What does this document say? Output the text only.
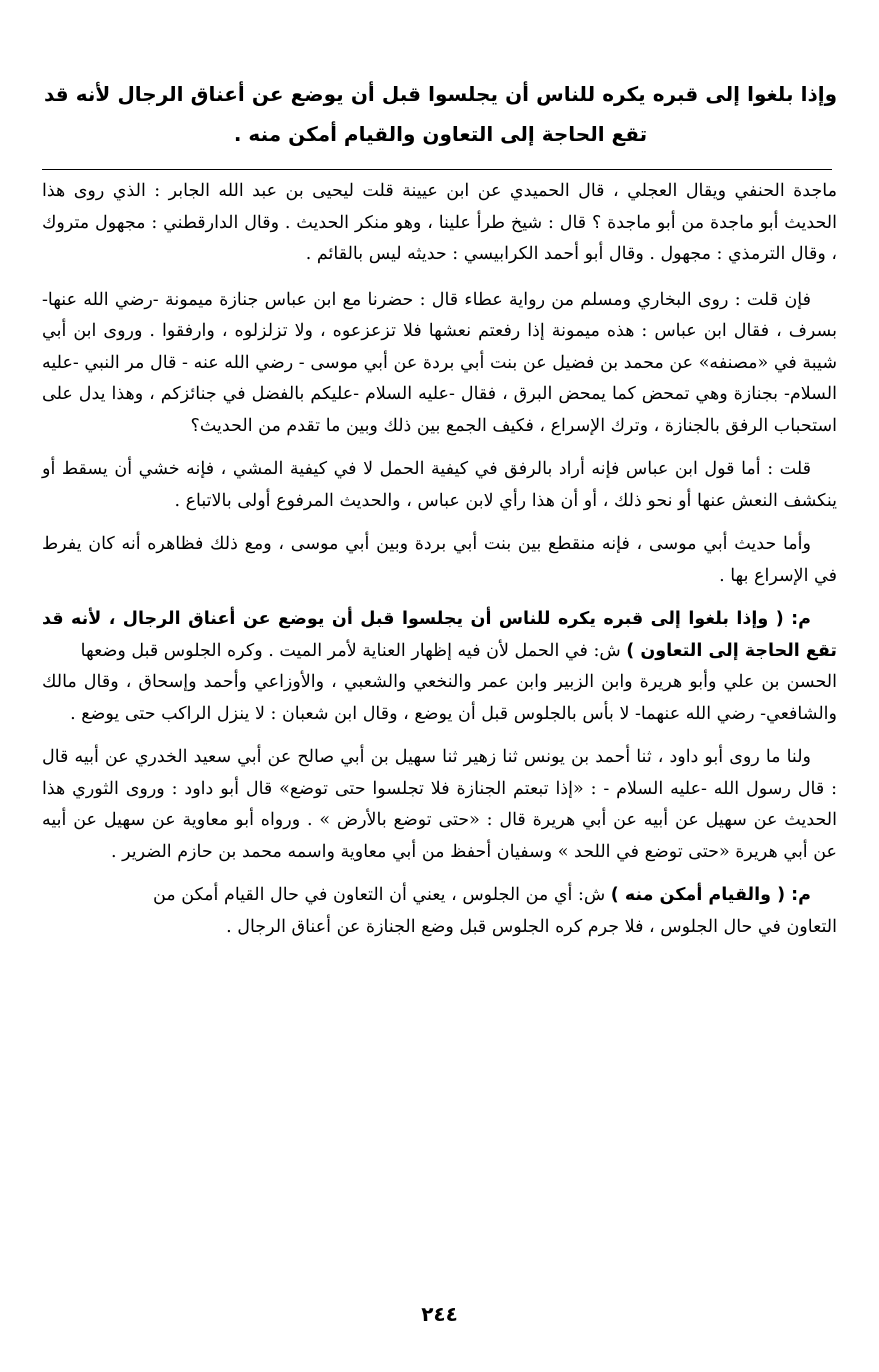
وإذا بلغوا إلى قبره يكره للناس أن يجلسوا قبل أن يوضع عن أعناق الرجال لأنه قد تقع الحاجة إلى التعاون والقيام أمكن منه .

ماجدة الحنفي ويقال العجلي ، قال الحميدي عن ابن عيينة قلت ليحيى بن عبد الله الجابر : الذي روى هذا الحديث أبو ماجدة من أبو ماجدة ؟ قال : شيخ طرأ علينا ، وهو منكر الحديث . وقال الدارقطني : مجهول متروك ، وقال الترمذي : مجهول . وقال أبو أحمد الكرابيسي : حديثه ليس بالقائم .

فإن قلت : روى البخاري ومسلم من رواية عطاء قال : حضرنا مع ابن عباس جنازة ميمونة -رضي الله عنها- بسرف ، فقال ابن عباس : هذه ميمونة إذا رفعتم نعشها فلا تزعزعوه ، ولا تزلزلوه ، وارفقوا . وروى ابن أبي شيبة في «مصنفه» عن محمد بن فضيل عن بنت أبي بردة عن أبي موسى - رضي الله عنه - قال مر النبي -عليه السلام- بجنازة وهي تمحض كما يمحض البرق ، فقال -عليه السلام -عليكم بالفضل في جنائزكم ، وهذا يدل على استحباب الرفق بالجنازة ، وترك الإسراع ، فكيف الجمع بين ذلك وبين ما تقدم من الحديث؟

قلت : أما قول ابن عباس فإنه أراد بالرفق في كيفية الحمل لا في كيفية المشي ، فإنه خشي أن يسقط أو ينكشف النعش عنها أو نحو ذلك ، أو أن هذا رأي لابن عباس ، والحديث المرفوع أولى بالاتباع .

وأما حديث أبي موسى ، فإنه منقطع بين بنت أبي بردة وبين أبي موسى ، ومع ذلك فظاهره أنه كان يفرط في الإسراع بها .

م: ( وإذا بلغوا إلى قبره يكره للناس أن يجلسوا قبل أن يوضع عن أعناق الرجال ، لأنه قد تقع الحاجة إلى التعاون ) ش: في الحمل لأن فيه إظهار العناية لأمر الميت . وكره الجلوس قبل وضعها

الحسن بن علي وأبو هريرة وابن الزبير وابن عمر والنخعي والشعبي ، والأوزاعي وأحمد وإسحاق ، وقال مالك والشافعي- رضي الله عنهما- لا بأس بالجلوس قبل أن يوضع ، وقال ابن شعبان : لا ينزل الراكب حتى يوضع .

ولنا ما روى أبو داود ، ثنا أحمد بن يونس ثنا زهير ثنا سهيل بن أبي صالح عن أبي سعيد الخدري عن أبيه قال : قال رسول الله -عليه السلام - : «إذا تبعتم الجنازة فلا تجلسوا حتى توضع» قال أبو داود : وروى الثوري هذا الحديث عن سهيل عن أبيه عن أبي هريرة قال : «حتى توضع بالأرض » . ورواه أبو معاوية عن سهيل عن أبيه عن أبي هريرة «حتى توضع في اللحد » وسفيان أحفظ من أبي معاوية واسمه محمد بن حازم الضرير .

م: ( والقيام أمكن منه ) ش: أي من الجلوس ، يعني أن التعاون في حال القيام أمكن من

التعاون في حال الجلوس ، فلا جرم كره الجلوس قبل وضع الجنازة عن أعناق الرجال .

٢٤٤
